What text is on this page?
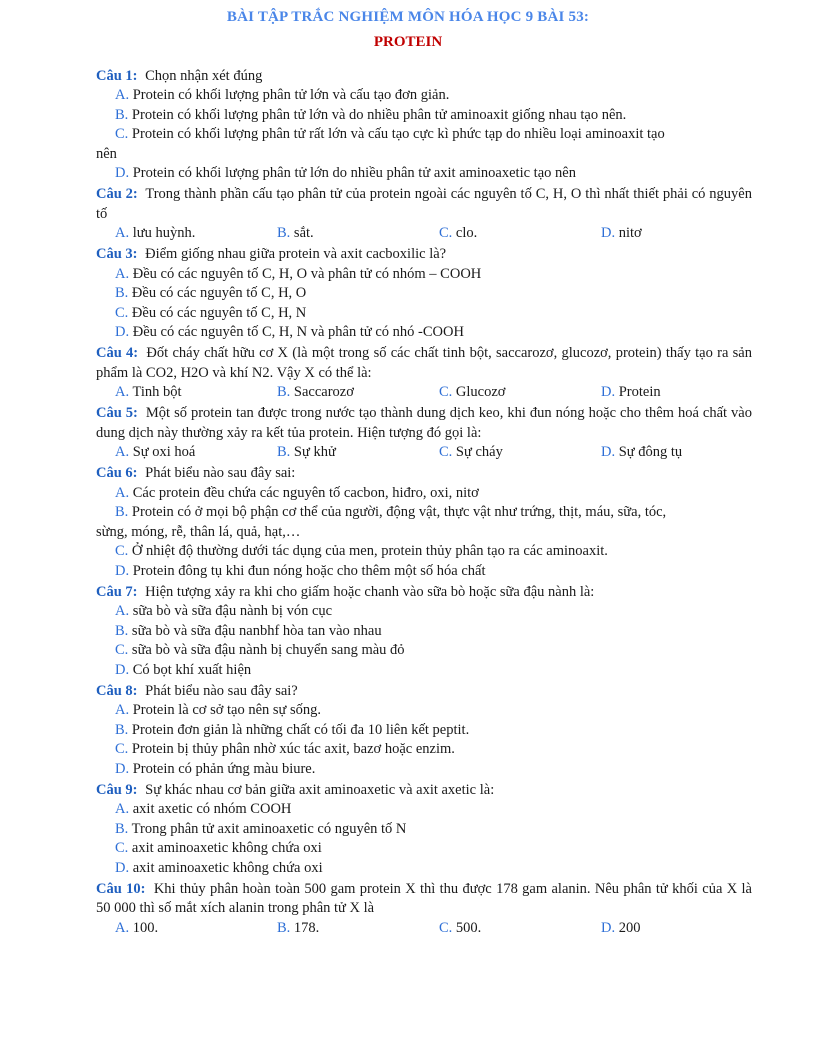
BÀI TẬP TRẮC NGHIỆM MÔN HÓA HỌC 9 BÀI 53:
PROTEIN
Câu 1: Chọn nhận xét đúng
A. Protein có khối lượng phân tử lớn và cấu tạo đơn giản.
B. Protein có khối lượng phân tử lớn và do nhiều phân tử aminoaxit giống nhau tạo nên.
C. Protein có khối lượng phân tử rất lớn và cấu tạo cực kì phức tạp do nhiều loại aminoaxit tạo
nên
D. Protein có khối lượng phân tử lớn do nhiều phân tử axit aminoaxetic tạo nên
Câu 2: Trong thành phần cấu tạo phân tử của protein ngoài các nguyên tố C, H, O thì nhất thiết phải có nguyên tố
A. lưu huỳnh.	B. sắt.	C. clo.	D. nitơ
Câu 3: Điểm giống nhau giữa protein và axit cacboxilic là?
A. Đều có các nguyên tố C, H, O và phân tử có nhóm – COOH
B. Đều có các nguyên tố C, H, O
C. Đều có các nguyên tố C, H, N
D. Đều có các nguyên tố C, H, N và phân tử có nhó -COOH
Câu 4: Đốt cháy chất hữu cơ X (là một trong số các chất tinh bột, saccarozơ, glucozơ, protein) thấy tạo ra sản phẩm là CO2, H2O và khí N2. Vậy X có thể là:
A. Tinh bột	B. Saccarozơ	C. Glucozơ	D. Protein
Câu 5: Một số protein tan được trong nước tạo thành dung dịch keo, khi đun nóng hoặc cho thêm hoá chất vào dung dịch này thường xảy ra kết tủa protein. Hiện tượng đó gọi là:
A. Sự oxi hoá	B. Sự khử	C. Sự cháy	D. Sự đông tụ
Câu 6: Phát biểu nào sau đây sai:
A. Các protein đều chứa các nguyên tố cacbon, hiđro, oxi, nitơ
B. Protein có ở mọi bộ phận cơ thể của người, động vật, thực vật như trứng, thịt, máu, sữa, tóc,
sừng, móng, rễ, thân lá, quả, hạt,…
C. Ở nhiệt độ thường dưới tác dụng của men, protein thủy phân tạo ra các aminoaxit.
D. Protein đông tụ khi đun nóng hoặc cho thêm một số hóa chất
Câu 7: Hiện tượng xảy ra khi cho giấm hoặc chanh vào sữa bò hoặc sữa đậu nành là:
A. sữa bò và sữa đậu nành bị vón cục
B. sữa bò và sữa đậu nanbhf hòa tan vào nhau
C. sữa bò và sữa đậu nành bị chuyển sang màu đỏ
D. Có bọt khí xuất hiện
Câu 8: Phát biểu nào sau đây sai?
A. Protein là cơ sở tạo nên sự sống.
B. Protein đơn giản là những chất có tối đa 10 liên kết peptit.
C. Protein bị thủy phân nhờ xúc tác axit, bazơ hoặc enzim.
D. Protein có phản ứng màu biure.
Câu 9: Sự khác nhau cơ bản giữa axit aminoaxetic và axit axetic là:
A. axit axetic có nhóm COOH
B. Trong phân tử axit aminoaxetic có nguyên tố N
C. axit aminoaxetic không chứa oxi
D. axit aminoaxetic không chứa oxi
Câu 10: Khi thủy phân hoàn toàn 500 gam protein X thì thu được 178 gam alanin. Nêu phân tử khối của X là 50 000 thì số mắt xích alanin trong phân tử X là
A. 100.	B. 178.	C. 500.	D. 200
